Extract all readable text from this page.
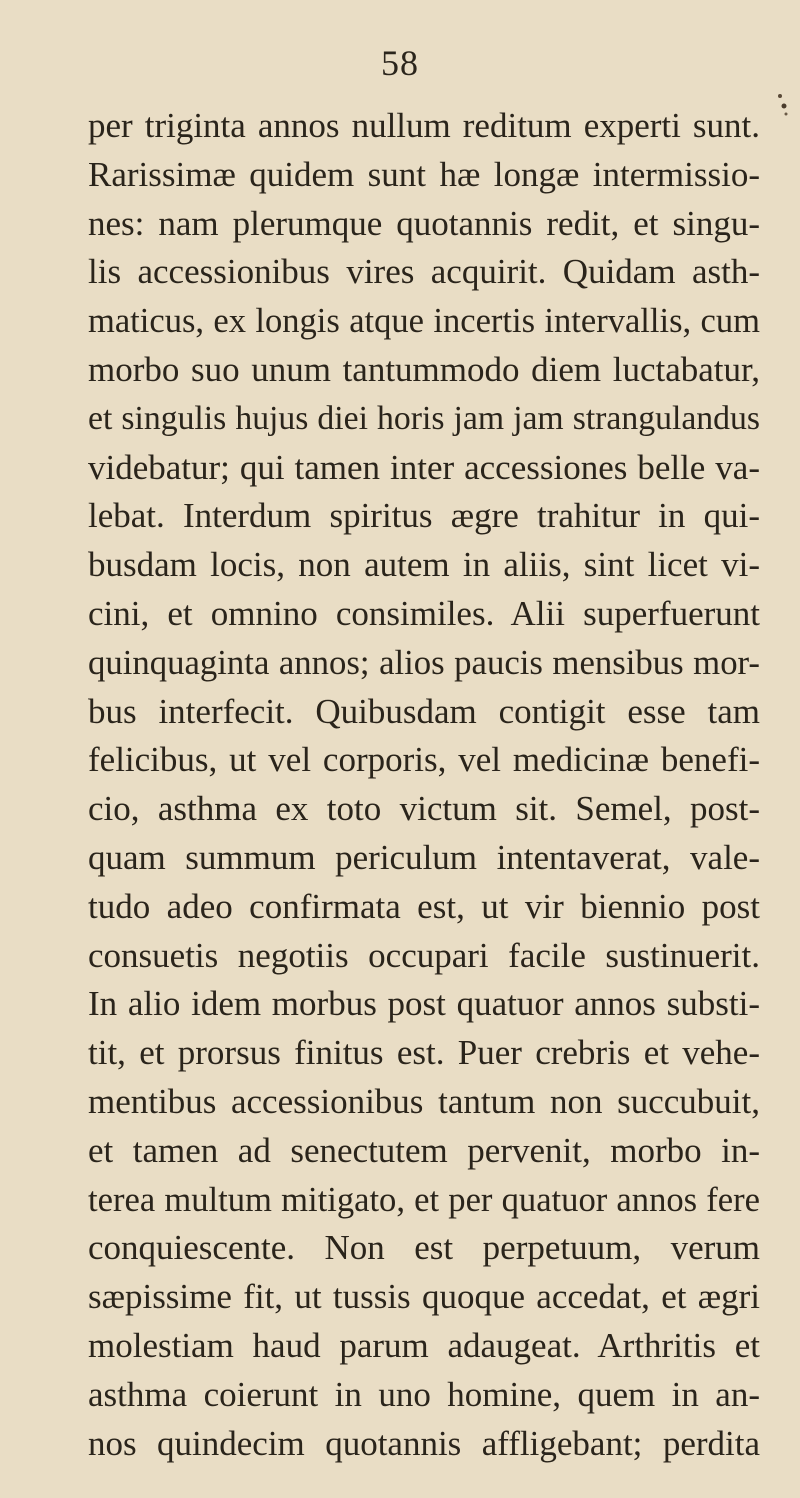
58
per triginta annos nullum reditum experti sunt.
Rarissimæ quidem sunt hæ longæ intermissio-
nes: nam plerumque quotannis redit, et singu-
lis accessionibus vires acquirit. Quidam asth-
maticus, ex longis atque incertis intervallis, cum
morbo suo unum tantummodo diem luctabatur,
et singulis hujus diei horis jam jam strangulandus
videbatur; qui tamen inter accessiones belle va-
lebat. Interdum spiritus ægre trahitur in qui-
busdam locis, non autem in aliis, sint licet vi-
cini, et omnino consimiles. Alii superfuerunt
quinquaginta annos; alios paucis mensibus mor-
bus interfecit. Quibusdam contigit esse tam
felicibus, ut vel corporis, vel medicinæ benefi-
cio, asthma ex toto victum sit. Semel, post-
quam summum periculum intentaverat, vale-
tudo adeo confirmata est, ut vir biennio post
consuetis negotiis occupari facile sustinuerit.
In alio idem morbus post quatuor annos substi-
tit, et prorsus finitus est. Puer crebris et vehe-
mentibus accessionibus tantum non succubuit,
et tamen ad senectutem pervenit, morbo in-
terea multum mitigato, et per quatuor annos fere
conquiescente. Non est perpetuum, verum
sæpissime fit, ut tussis quoque accedat, et ægri
molestiam haud parum adaugeat. Arthritis et
asthma coierunt in uno homine, quem in an-
nos quindecim quotannis affligebant; perdita
